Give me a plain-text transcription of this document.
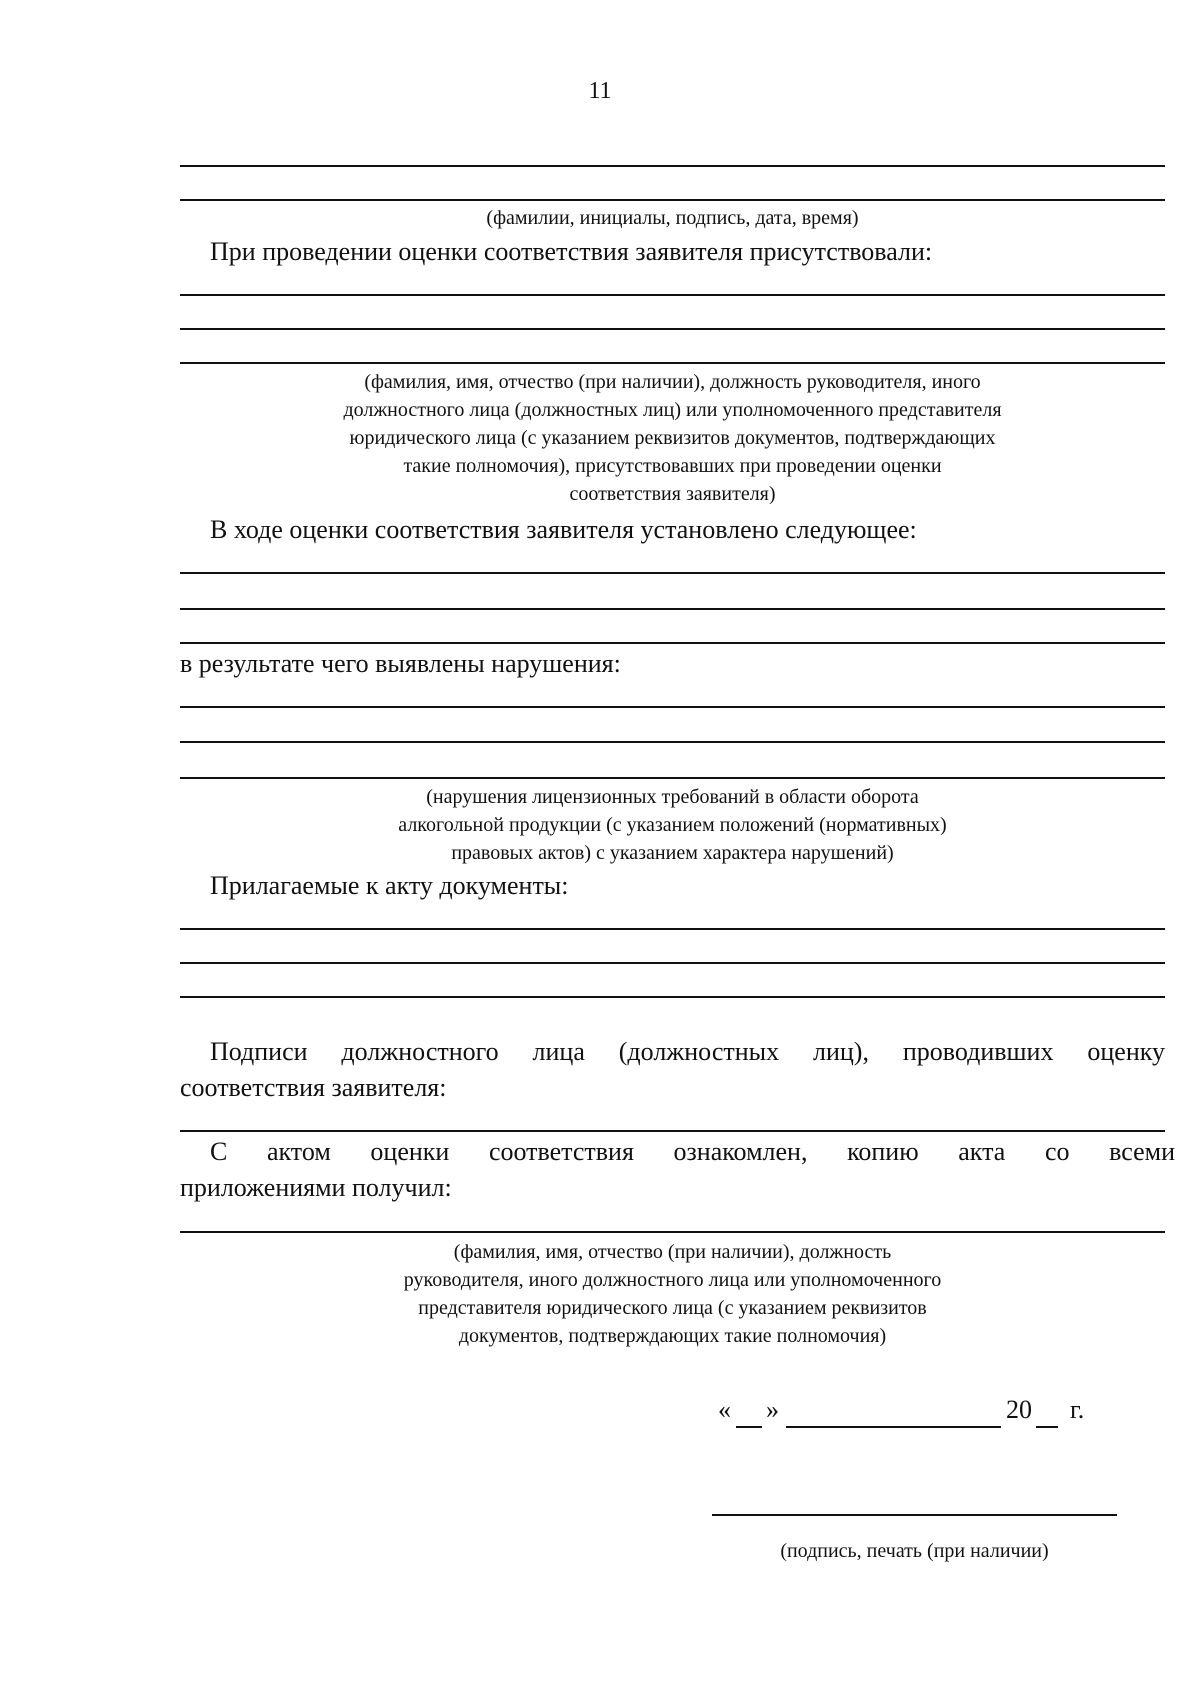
11
(фамилии, инициалы, подпись, дата, время)
При проведении оценки соответствия заявителя присутствовали:
(фамилия, имя, отчество (при наличии), должность руководителя, иного
должностного лица (должностных лиц) или уполномоченного представителя
юридического лица (с указанием реквизитов документов, подтверждающих
такие полномочия), присутствовавших при проведении оценки
соответствия заявителя)
В ходе оценки соответствия заявителя установлено следующее:
в результате чего выявлены нарушения:
(нарушения лицензионных требований в области оборота
алкогольной продукции (с указанием положений (нормативных)
правовых актов) с указанием характера нарушений)
Прилагаемые к акту документы:
Подписи должностного лица (должностных лиц), проводивших оценку
соответствия заявителя:
С актом оценки соответствия ознакомлен, копию акта со всеми
приложениями получил:
(фамилия, имя, отчество (при наличии), должность
руководителя, иного должностного лица или уполномоченного
представителя юридического лица (с указанием реквизитов
документов, подтверждающих такие полномочия)
« »	20 г.
(подпись, печать (при наличии)
